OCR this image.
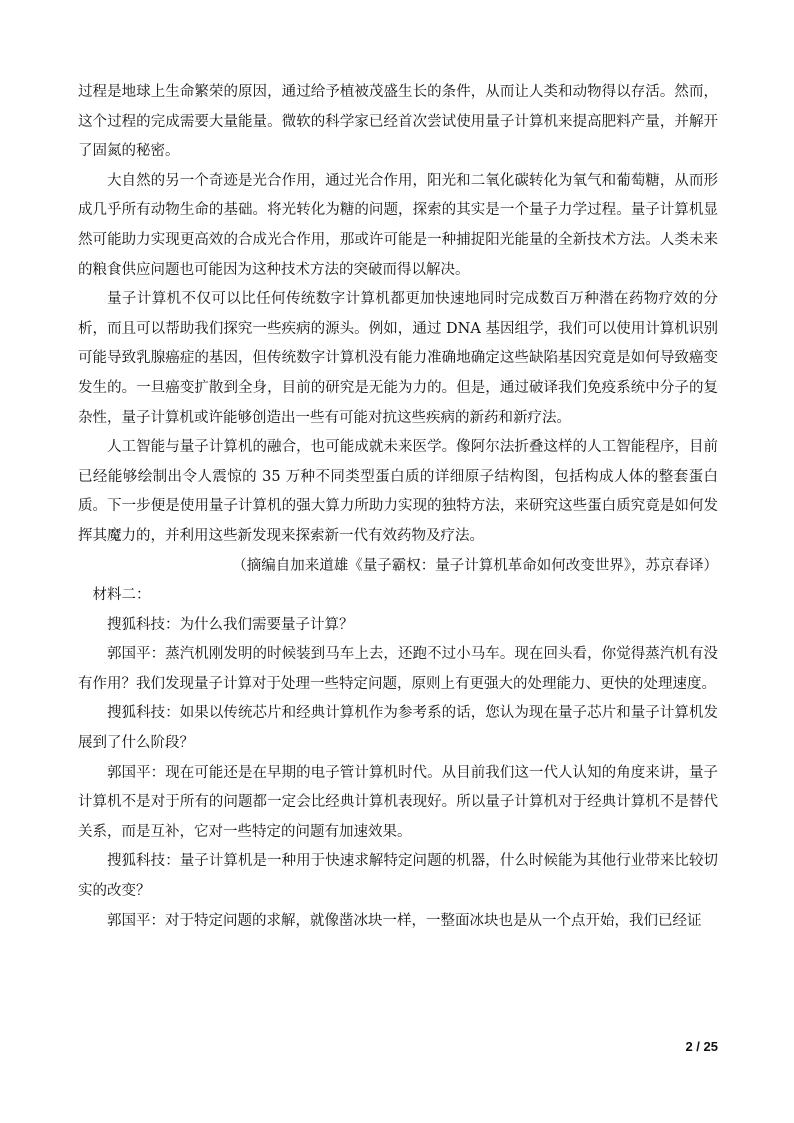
过程是地球上生命繁荣的原因，通过给予植被茂盛生长的条件，从而让人类和动物得以存活。然而，这个过程的完成需要大量能量。微软的科学家已经首次尝试使用量子计算机来提高肥料产量，并解开了固氮的秘密。

大自然的另一个奇迹是光合作用，通过光合作用，阳光和二氧化碳转化为氧气和葡萄糖，从而形成几乎所有动物生命的基础。将光转化为糖的问题，探索的其实是一个量子力学过程。量子计算机显然可能助力实现更高效的合成光合作用，那或许可能是一种捕捉阳光能量的全新技术方法。人类未来的粮食供应问题也可能因为这种技术方法的突破而得以解决。

量子计算机不仅可以比任何传统数字计算机都更加快速地同时完成数百万种潜在药物疗效的分析，而且可以帮助我们探究一些疾病的源头。例如，通过 DNA 基因组学，我们可以使用计算机识别可能导致乳腺癌症的基因，但传统数字计算机没有能力准确地确定这些缺陷基因究竟是如何导致癌变发生的。一旦癌变扩散到全身，目前的研究是无能为力的。但是，通过破译我们免疫系统中分子的复杂性，量子计算机或许能够创造出一些有可能对抗这些疾病的新药和新疗法。

人工智能与量子计算机的融合，也可能成就未来医学。像阿尔法折叠这样的人工智能程序，目前已经能够绘制出令人震惊的 35 万种不同类型蛋白质的详细原子结构图，包括构成人体的整套蛋白质。下一步便是使用量子计算机的强大算力所助力实现的独特方法，来研究这些蛋白质究竟是如何发挥其魔力的，并利用这些新发现来探索新一代有效药物及疗法。

（摘编自加来道雄《量子霸权：量子计算机革命如何改变世界》，苏京春译）

材料二：

搜狐科技：为什么我们需要量子计算？

郭国平：蒸汽机刚发明的时候装到马车上去，还跑不过小马车。现在回头看，你觉得蒸汽机有没有作用？我们发现量子计算对于处理一些特定问题，原则上有更强大的处理能力、更快的处理速度。

搜狐科技：如果以传统芯片和经典计算机作为参考系的话，您认为现在量子芯片和量子计算机发展到了什么阶段？

郭国平：现在可能还是在早期的电子管计算机时代。从目前我们这一代人认知的角度来讲，量子计算机不是对于所有的问题都一定会比经典计算机表现好。所以量子计算机对于经典计算机不是替代关系，而是互补，它对一些特定的问题有加速效果。

搜狐科技：量子计算机是一种用于快速求解特定问题的机器，什么时候能为其他行业带来比较切实的改变？

郭国平：对于特定问题的求解，就像凿冰块一样，一整面冰块也是从一个点开始，我们已经证

2 / 25
